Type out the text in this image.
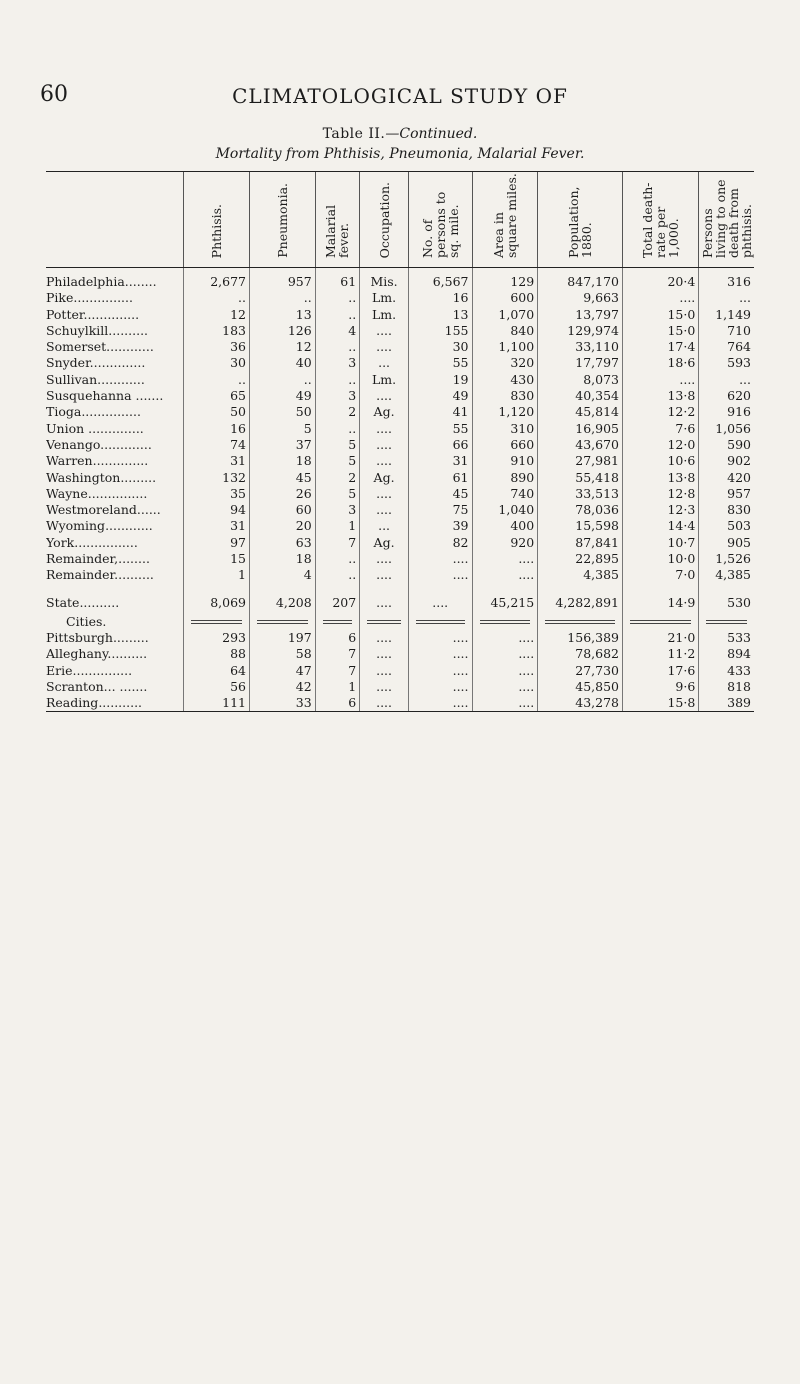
60	CLIMATOLOGICAL STUDY OF
Table II.—Continued.
Mortality from Phthisis, Pneumonia, Malarial Fever.
	Phthisis.	Pneumonia.	Malarial fever.	Occupation.	No. of persons to sq. mile.	Area in square miles.	Population, 1880.	Total death-rate per 1,000.	Persons living to one death from phthisis.
Philadelphia........	2,677	957	61	Mis.	6,567	129	847,170	20·4	316
Pike...............	..	..	..	Lm.	16	600	9,663	....	...
Potter..............	12	13	..	Lm.	13	1,070	13,797	15·0	1,149
Schuylkill..........	183	126	4	....	155	840	129,974	15·0	710
Somerset............	36	12	..	....	30	1,100	33,110	17·4	764
Snyder..............	30	40	3	...	55	320	17,797	18·6	593
Sullivan............	..	..	..	Lm.	19	430	8,073	....	...
Susquehanna .......	65	49	3	....	49	830	40,354	13·8	620
Tioga...............	50	50	2	Ag.	41	1,120	45,814	12·2	916
Union ..............	16	5	..	....	55	310	16,905	7·6	1,056
Venango.............	74	37	5	....	66	660	43,670	12·0	590
Warren..............	31	18	5	....	31	910	27,981	10·6	902
Washington.........	132	45	2	Ag.	61	890	55,418	13·8	420
Wayne...............	35	26	5	....	45	740	33,513	12·8	957
Westmoreland......	94	60	3	....	75	1,040	78,036	12·3	830
Wyoming............	31	20	1	...	39	400	15,598	14·4	503
York................	97	63	7	Ag.	82	920	87,841	10·7	905
Remainder,........	15	18	..	....	....	....	22,895	10·0	1,526
Remainder..........	1	4	..	....	....	....	4,385	7·0	4,385

State..........	8,069	4,208	207	....	....	45,215	4,282,891	14·9	530
Cities.	

Pittsburgh.........	293	197	6	....	....	....	156,389	21·0	533
Alleghany..........	88	58	7	....	....	....	78,682	11·2	894
Erie...............	64	47	7	....	....	....	27,730	17·6	433
Scranton... .......	56	42	1	....	....	....	45,850	9·6	818
Reading...........	111	33	6	....	....	....	43,278	15·8	389
